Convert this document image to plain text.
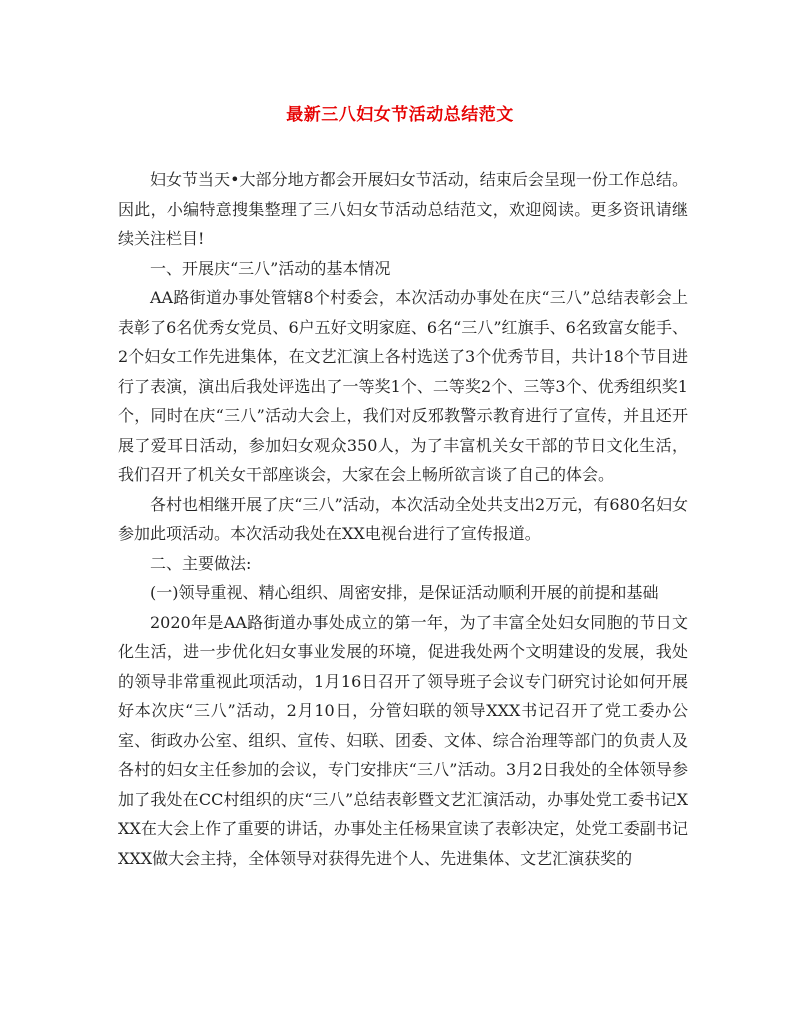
最新三八妇女节活动总结范文

妇女节当天•大部分地方都会开展妇女节活动，结束后会呈现一份工作总结。因此，小编特意搜集整理了三八妇女节活动总结范文，欢迎阅读。更多资讯请继续关注栏目!

一、开展庆“三八”活动的基本情况

AA路街道办事处管辖8个村委会，本次活动办事处在庆“三八”总结表彰会上表彰了6名优秀女党员、6户五好文明家庭、6名“三八”红旗手、6名致富女能手、2个妇女工作先进集体，在文艺汇演上各村选送了3个优秀节目，共计18个节目进行了表演，演出后我处评选出了一等奖1个、二等奖2个、三等3个、优秀组织奖1个，同时在庆“三八”活动大会上，我们对反邪教警示教育进行了宣传，并且还开展了爱耳日活动，参加妇女观众350人，为了丰富机关女干部的节日文化生活，我们召开了机关女干部座谈会，大家在会上畅所欲言谈了自己的体会。

各村也相继开展了庆“三八”活动，本次活动全处共支出2万元，有680名妇女参加此项活动。本次活动我处在XX电视台进行了宣传报道。

二、主要做法:

(一)领导重视、精心组织、周密安排，是保证活动顺利开展的前提和基础

2020年是AA路街道办事处成立的第一年，为了丰富全处妇女同胞的节日文化生活，进一步优化妇女事业发展的环境，促进我处两个文明建设的发展，我处的领导非常重视此项活动，1月16日召开了领导班子会议专门研究讨论如何开展好本次庆“三八”活动，2月10日，分管妇联的领导XXX书记召开了党工委办公室、街政办公室、组织、宣传、妇联、团委、文体、综合治理等部门的负责人及各村的妇女主任参加的会议，专门安排庆“三八”活动。3月2日我处的全体领导参加了我处在CC村组织的庆“三八”总结表彰暨文艺汇演活动，办事处党工委书记XXX在大会上作了重要的讲话，办事处主任杨果宣读了表彰决定，处党工委副书记XXX做大会主持，全体领导对获得先进个人、先进集体、文艺汇演获奖的
